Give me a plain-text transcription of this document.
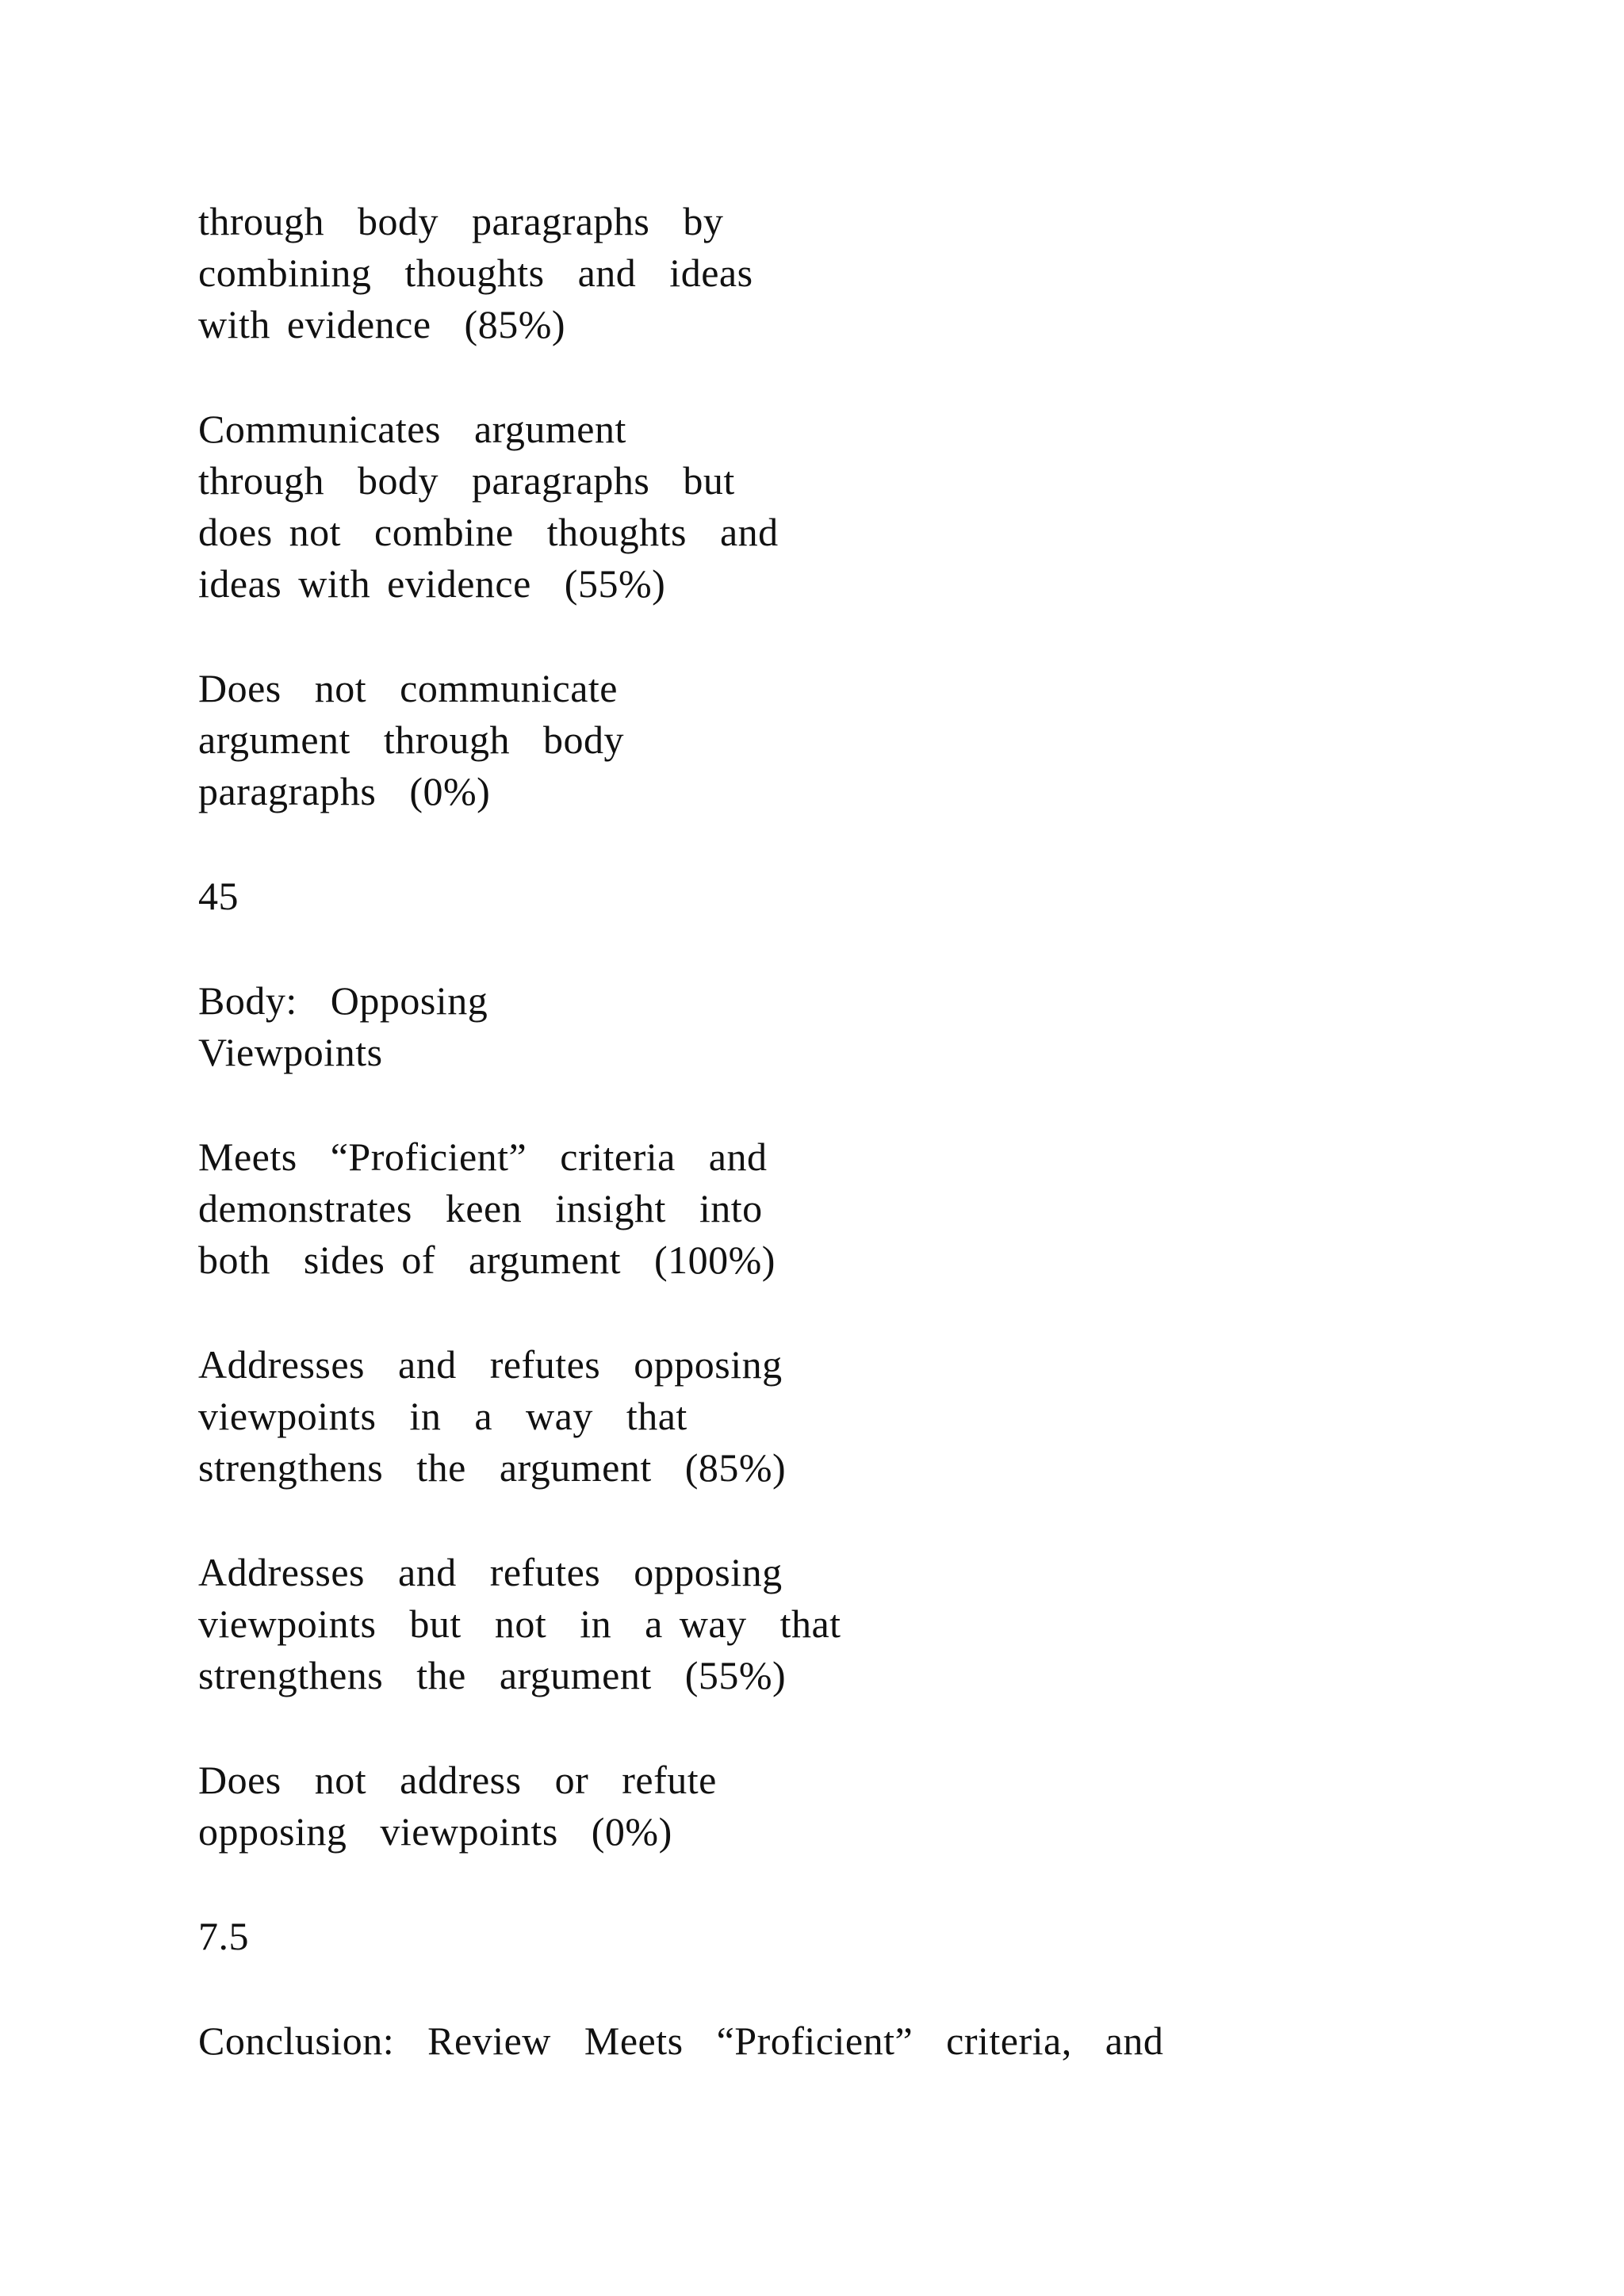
through  body  paragraphs  by

combining  thoughts  and  ideas

with evidence  (85%)

Communicates  argument

through  body  paragraphs  but

does not  combine  thoughts  and

ideas with evidence  (55%)

Does  not  communicate

argument  through  body

paragraphs  (0%)

45

Body:  Opposing

Viewpoints

Meets  “Proficient”  criteria  and

demonstrates  keen  insight  into

both  sides of  argument  (100%)

Addresses  and  refutes  opposing

viewpoints  in  a  way  that

strengthens  the  argument  (85%)

Addresses  and  refutes  opposing

viewpoints  but  not  in  a way  that

strengthens  the  argument  (55%)

Does  not  address  or  refute

opposing  viewpoints  (0%)

7.5

Conclusion:  Review  Meets  “Proficient”  criteria,  and
